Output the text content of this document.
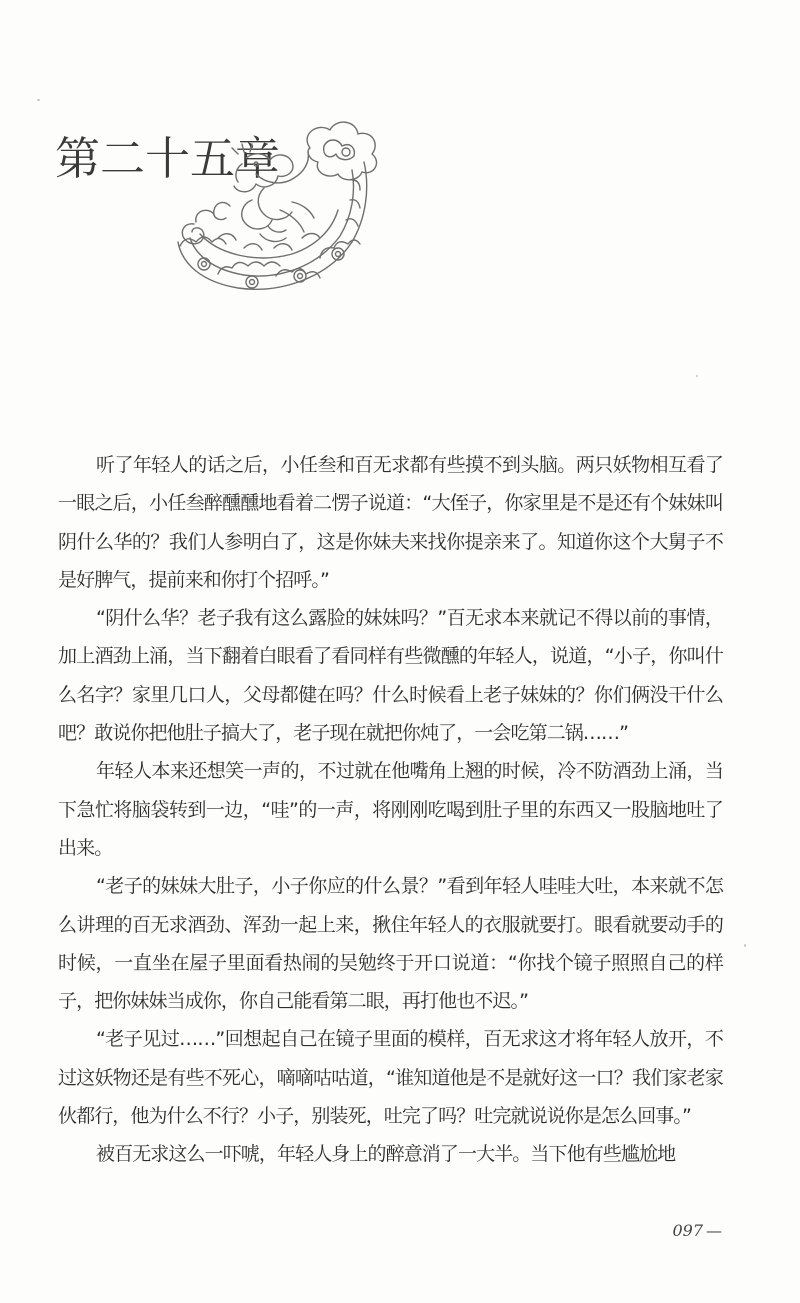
第二十五章

听了年轻人的话之后，小任叁和百无求都有些摸不到头脑。两只妖物相互看了一眼之后，小任叁醉醺醺地看着二愣子说道：“大侄子，你家里是不是还有个妹妹叫阴什么华的？我们人参明白了，这是你妹夫来找你提亲来了。知道你这个大舅子不是好脾气，提前来和你打个招呼。”

“阴什么华？老子我有这么露脸的妹妹吗？”百无求本来就记不得以前的事情，加上酒劲上涌，当下翻着白眼看了看同样有些微醺的年轻人，说道，“小子，你叫什么名字？家里几口人，父母都健在吗？什么时候看上老子妹妹的？你们俩没干什么吧？敢说你把他肚子搞大了，老子现在就把你炖了，一会吃第二锅……”

年轻人本来还想笑一声的，不过就在他嘴角上翘的时候，冷不防酒劲上涌，当下急忙将脑袋转到一边，“哇”的一声，将刚刚吃喝到肚子里的东西又一股脑地吐了出来。

“老子的妹妹大肚子，小子你应的什么景？”看到年轻人哇哇大吐，本来就不怎么讲理的百无求酒劲、浑劲一起上来，揪住年轻人的衣服就要打。眼看就要动手的时候，一直坐在屋子里面看热闹的吴勉终于开口说道：“你找个镜子照照自己的样子，把你妹妹当成你，你自己能看第二眼，再打他也不迟。”

“老子见过……”回想起自己在镜子里面的模样，百无求这才将年轻人放开，不过这妖物还是有些不死心，嘀嘀咕咕道，“谁知道他是不是就好这一口？我们家老家伙都行，他为什么不行？小子，别装死，吐完了吗？吐完就说说你是怎么回事。”

被百无求这么一吓唬，年轻人身上的醉意消了一大半。当下他有些尴尬地

097 —
